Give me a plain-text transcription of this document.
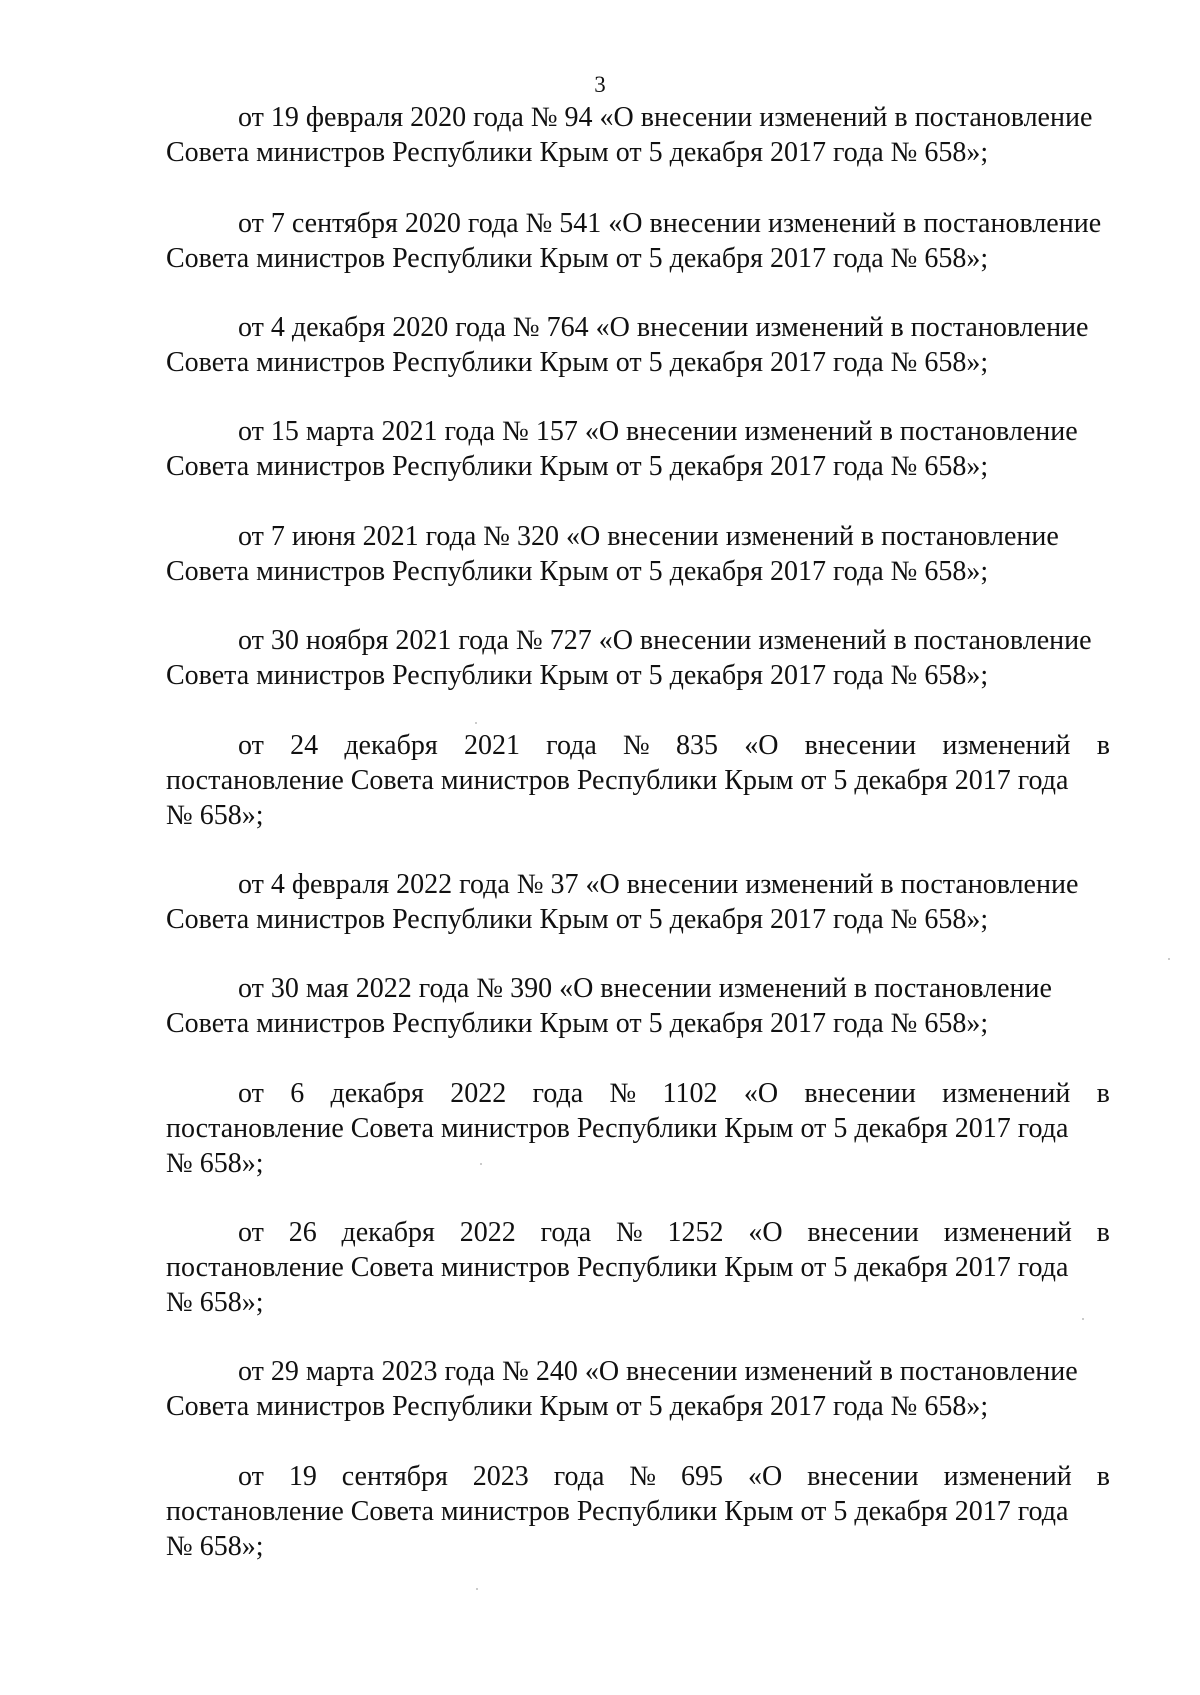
3
от 19 февраля 2020 года № 94 «О внесении изменений в постановление
Совета министров Республики Крым от 5 декабря 2017 года № 658»;
от 7 сентября 2020 года № 541 «О внесении изменений в постановление
Совета министров Республики Крым от 5 декабря 2017 года № 658»;
от 4 декабря 2020 года № 764 «О внесении изменений в постановление
Совета министров Республики Крым от 5 декабря 2017 года № 658»;
от 15 марта 2021 года № 157 «О внесении изменений в постановление
Совета министров Республики Крым от 5 декабря 2017 года № 658»;
от 7 июня 2021 года № 320 «О внесении изменений в постановление
Совета министров Республики Крым от 5 декабря 2017 года № 658»;
от 30 ноября 2021 года № 727 «О внесении изменений в постановление
Совета министров Республики Крым от 5 декабря 2017 года № 658»;
от 24 декабря 2021 года № 835 «О внесении изменений в
постановление Совета министров Республики Крым от 5 декабря 2017 года
№ 658»;
от 4 февраля 2022 года № 37 «О внесении изменений в постановление
Совета министров Республики Крым от 5 декабря 2017 года № 658»;
от 30 мая 2022 года № 390 «О внесении изменений в постановление
Совета министров Республики Крым от 5 декабря 2017 года № 658»;
от 6 декабря 2022 года № 1102 «О внесении изменений в
постановление Совета министров Республики Крым от 5 декабря 2017 года
№ 658»;
от 26 декабря 2022 года № 1252 «О внесении изменений в
постановление Совета министров Республики Крым от 5 декабря 2017 года
№ 658»;
от 29 марта 2023 года № 240 «О внесении изменений в постановление
Совета министров Республики Крым от 5 декабря 2017 года № 658»;
от 19 сентября 2023 года № 695 «О внесении изменений в
постановление Совета министров Республики Крым от 5 декабря 2017 года
№ 658»;
